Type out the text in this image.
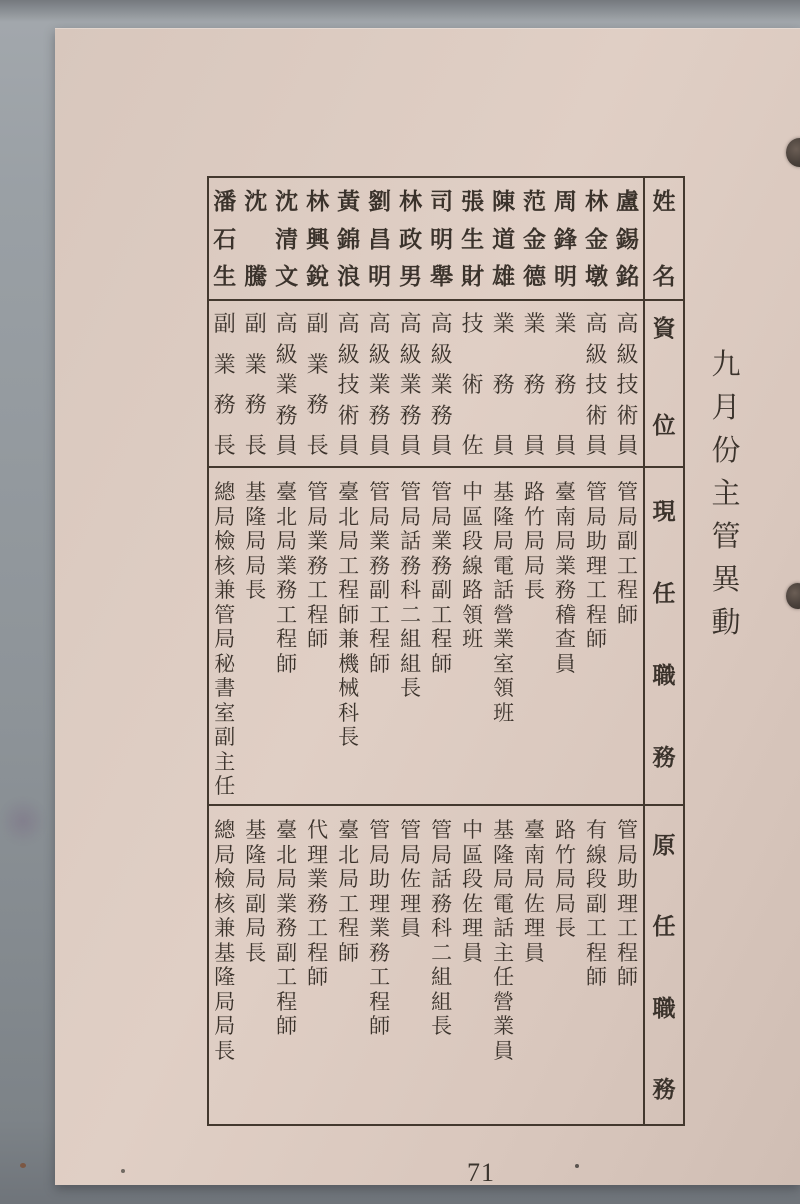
九
月
份
主
管
異
動
盧
錫
銘
林
金
墩
周
鋒
明
范
金
德
陳
道
雄
張
生
財
司
明
舉
林
政
男
劉
昌
明
黃
錦
浪
林
興
銳
沈
清
文
沈
騰
潘
石
生
高
級
技
術
員
高
級
技
術
員
業
務
員
業
務
員
業
務
員
技
術
佐
高
級
業
務
員
高
級
業
務
員
高
級
業
務
員
高
級
技
術
員
副
業
務
長
高
級
業
務
員
副
業
務
長
副
業
務
長
管
局
副
工
程
師
管
局
助
理
工
程
師
臺
南
局
業
務
稽
查
員
路
竹
局
局
長
基
隆
局
電
話
營
業
室
領
班
中
區
段
線
路
領
班
管
局
業
務
副
工
程
師
管
局
話
務
科
二
組
組
長
管
局
業
務
副
工
程
師
臺
北
局
工
程
師
兼
機
械
科
長
管
局
業
務
工
程
師
臺
北
局
業
務
工
程
師
基
隆
局
局
長
總
局
檢
核
兼
管
局
秘
書
室
副
主
任
管
局
助
理
工
程
師
有
線
段
副
工
程
師
路
竹
局
局
長
臺
南
局
佐
理
員
基
隆
局
電
話
主
任
營
業
員
中
區
段
佐
理
員
管
局
話
務
科
二
組
組
長
管
局
佐
理
員
管
局
助
理
業
務
工
程
師
臺
北
局
工
程
師
代
理
業
務
工
程
師
臺
北
局
業
務
副
工
程
師
基
隆
局
副
局
長
總
局
檢
核
兼
基
隆
局
局
長
姓
名
資
位
現
任
職
務
原
任
職
務
71
